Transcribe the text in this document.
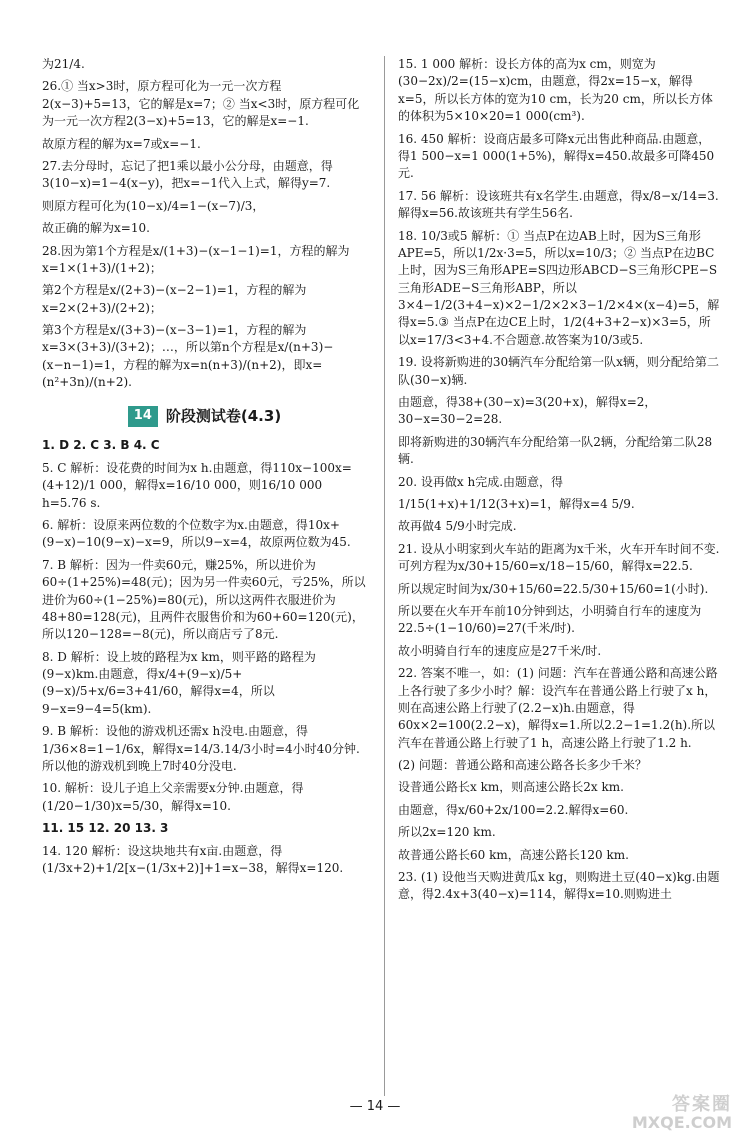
为21/4.

26.① 当x>3时，原方程可化为一元一次方程2(x−3)+5=13，它的解是x=7；② 当x<3时，原方程可化为一元一次方程2(3−x)+5=13，它的解是x=−1.

故原方程的解为x=7或x=−1.

27.去分母时，忘记了把1乘以最小公分母，由题意，得3(10−x)=1−4(x−y)，把x=−1代入上式，解得y=7.

则原方程可化为(10−x)/4=1−(x−7)/3，

故正确的解为x=10.

28.因为第1个方程是x/(1+3)−(x−1−1)=1，方程的解为x=1×(1+3)/(1+2)；

第2个方程是x/(2+3)−(x−2−1)=1，方程的解为x=2×(2+3)/(2+2)；

第3个方程是x/(3+3)−(x−3−1)=1，方程的解为x=3×(3+3)/(3+2)；…，所以第n个方程是x/(n+3)−(x−n−1)=1，方程的解为x=n(n+3)/(n+2)，即x=(n²+3n)/(n+2).

14 阶段测试卷(4.3)

1. D 2. C 3. B 4. C

5. C 解析：设花费的时间为x h.由题意，得110x−100x=(4+12)/1 000，解得x=16/10 000，则16/10 000 h=5.76 s.

6. 解析：设原来两位数的个位数字为x.由题意，得10x+(9−x)−10(9−x)−x=9，所以9−x=4，故原两位数为45.

7. B 解析：因为一件卖60元，赚25%，所以进价为60÷(1+25%)=48(元)；因为另一件卖60元，亏25%，所以进价为60÷(1−25%)=80(元)，所以这两件衣服进价为48+80=128(元)，且两件衣服售价和为60+60=120(元)，所以120−128=−8(元)，所以商店亏了8元.

8. D 解析：设上坡的路程为x km，则平路的路程为(9−x)km.由题意，得x/4+(9−x)/5+(9−x)/5+x/6=3+41/60，解得x=4，所以9−x=9−4=5(km).

9. B 解析：设他的游戏机还需x h没电.由题意，得1/36×8=1−1/6x，解得x=14/3.14/3小时=4小时40分钟.所以他的游戏机到晚上7时40分没电.

10. 解析：设儿子追上父亲需要x分钟.由题意，得(1/20−1/30)x=5/30，解得x=10.

11. 15 12. 20 13. 3

14. 120 解析：设这块地共有x亩.由题意，得(1/3x+2)+1/2[x−(1/3x+2)]+1=x−38，解得x=120.

15. 1 000 解析：设长方体的高为x cm，则宽为(30−2x)/2=(15−x)cm，由题意，得2x=15−x，解得x=5，所以长方体的宽为10 cm，长为20 cm，所以长方体的体积为5×10×20=1 000(cm³).

16. 450 解析：设商店最多可降x元出售此种商品.由题意，得1 500−x=1 000(1+5%)，解得x=450.故最多可降450元.

17. 56 解析：设该班共有x名学生.由题意，得x/8−x/14=3.解得x=56.故该班共有学生56名.

18. 10/3或5 解析：① 当点P在边AB上时，因为S三角形APE=5，所以1/2x·3=5，所以x=10/3；② 当点P在边BC上时，因为S三角形APE=S四边形ABCD−S三角形CPE−S三角形ADE−S三角形ABP，所以3×4−1/2(3+4−x)×2−1/2×2×3−1/2×4×(x−4)=5，解得x=5.③ 当点P在边CE上时，1/2(4+3+2−x)×3=5，所以x=17/3<3+4.不合题意.故答案为10/3或5.

19. 设将新购进的30辆汽车分配给第一队x辆，则分配给第二队(30−x)辆.

由题意，得38+(30−x)=3(20+x)，解得x=2，30−x=30−2=28.

即将新购进的30辆汽车分配给第一队2辆，分配给第二队28辆.

20. 设再做x h完成.由题意，得

1/15(1+x)+1/12(3+x)=1，解得x=4 5/9.

故再做4 5/9小时完成.

21. 设从小明家到火车站的距离为x千米，火车开车时间不变.可列方程为x/30+15/60=x/18−15/60，解得x=22.5.

所以规定时间为x/30+15/60=22.5/30+15/60=1(小时).

所以要在火车开车前10分钟到达，小明骑自行车的速度为22.5÷(1−10/60)=27(千米/时).

故小明骑自行车的速度应是27千米/时.

22. 答案不唯一，如：(1) 问题：汽车在普通公路和高速公路上各行驶了多少小时？解：设汽车在普通公路上行驶了x h，则在高速公路上行驶了(2.2−x)h.由题意，得60x×2=100(2.2−x)，解得x=1.所以2.2−1=1.2(h).所以汽车在普通公路上行驶了1 h，高速公路上行驶了1.2 h.

(2) 问题：普通公路和高速公路各长多少千米？

设普通公路长x km，则高速公路长2x km.

由题意，得x/60+2x/100=2.2.解得x=60.

所以2x=120 km.

故普通公路长60 km，高速公路长120 km.

23. (1) 设他当天购进黄瓜x kg，则购进土豆(40−x)kg.由题意，得2.4x+3(40−x)=114，解得x=10.则购进土

— 14 —	答案圈
MXQE.COM
